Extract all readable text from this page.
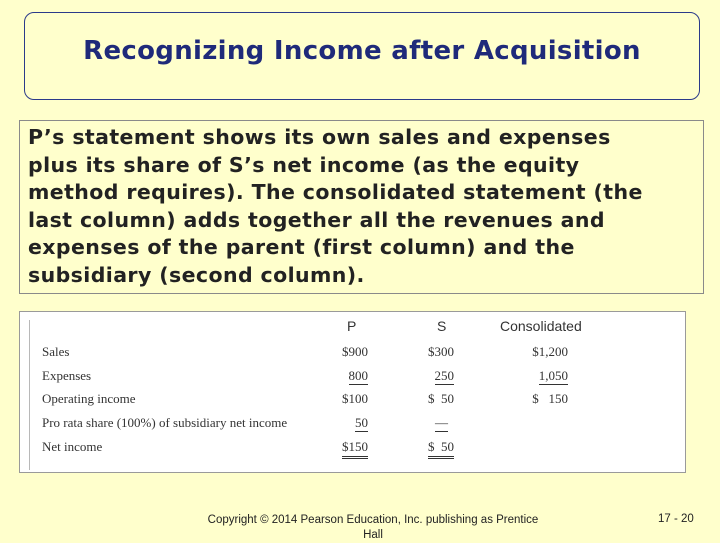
Recognizing Income after Acquisition

P’s statement shows its own sales and expenses
plus its share of S’s net income (as the equity
method requires). The consolidated statement (the
last column) adds together all the revenues and
expenses of the parent (first column) and the
subsidiary (second column).

P	S	Consolidated
Sales	$900	$300	$1,200
Expenses	800	250	1,050
Operating income	$100	$  50	$   150
Pro rata share (100%) of subsidiary net income	50	—
Net income	$150	$  50
Copyright © 2014 Pearson Education, Inc. publishing as Prentice Hall
17 - 20
